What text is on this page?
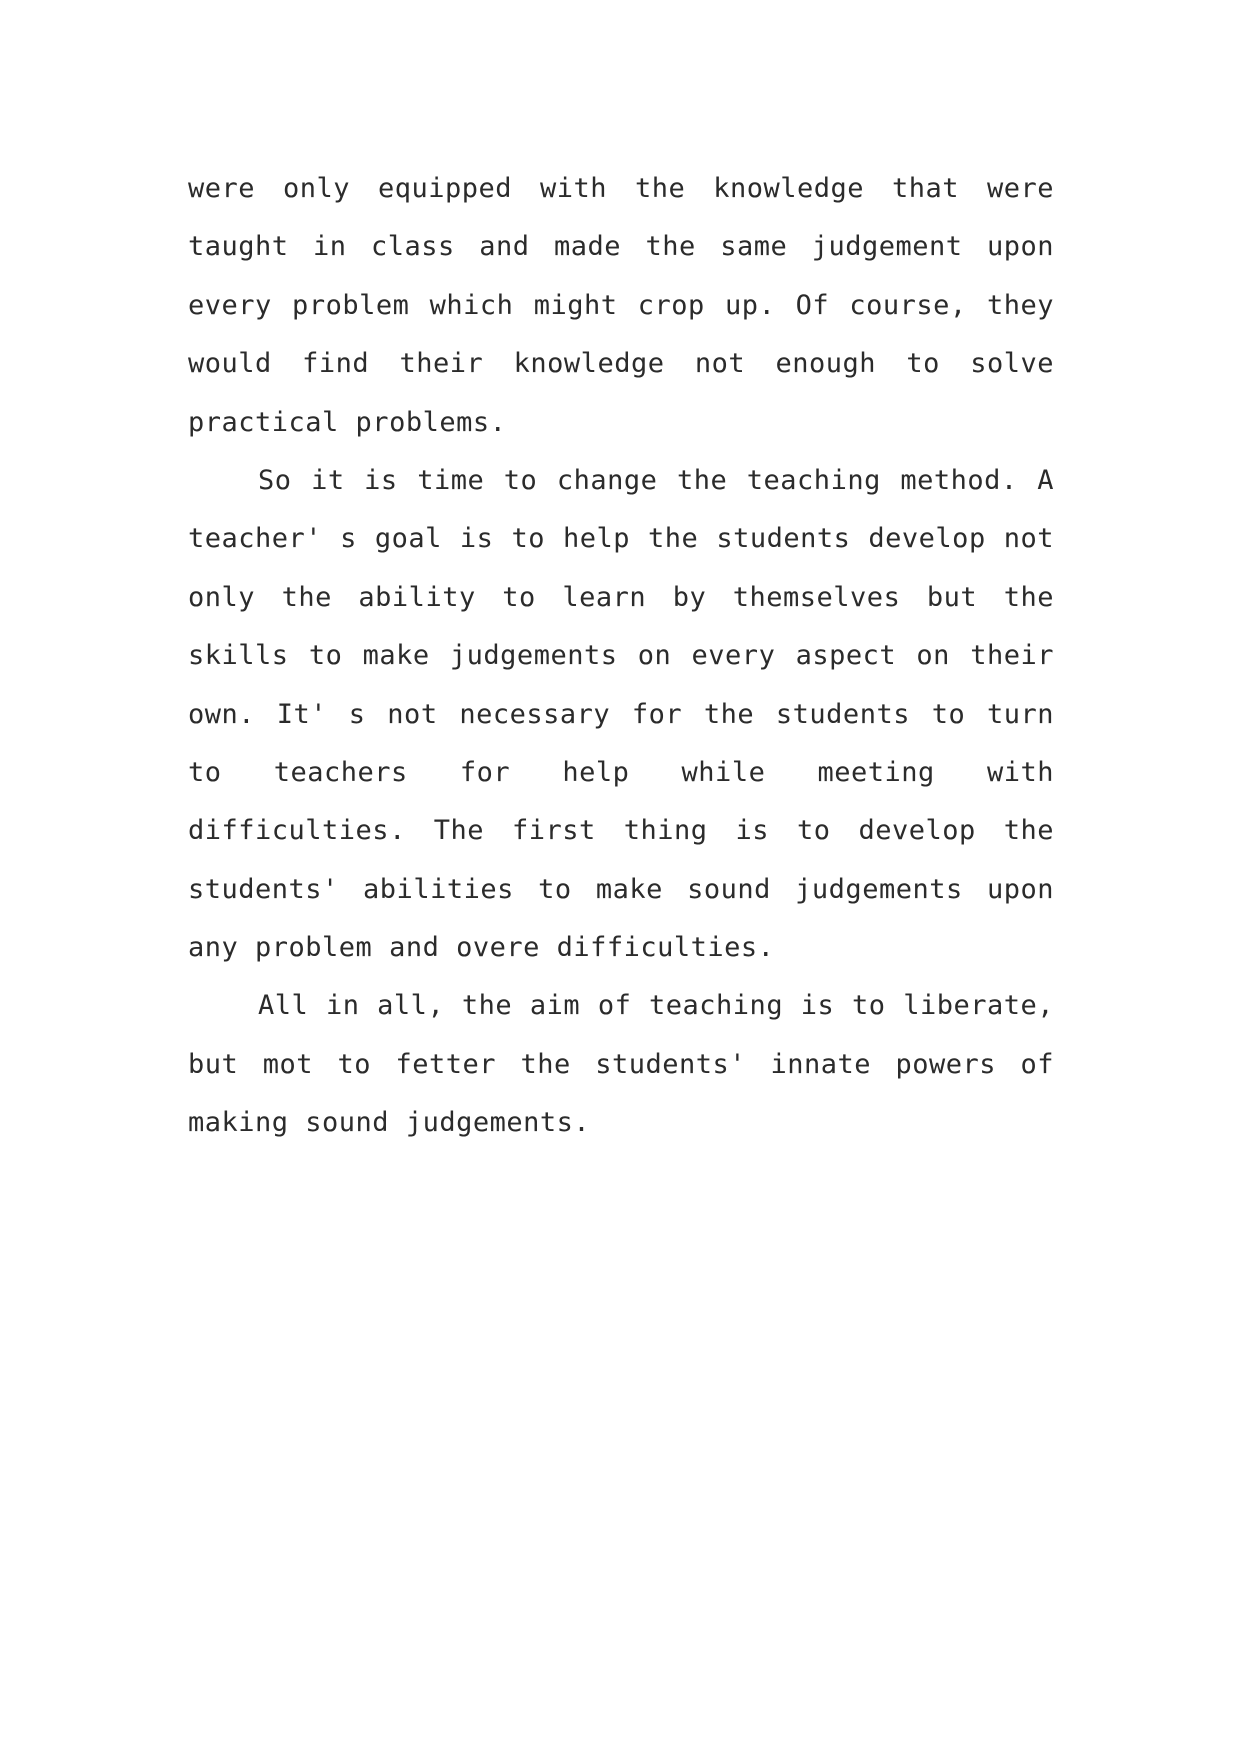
were only equipped with the knowledge that were
taught in class and made the same judgement upon
every problem which might crop up. Of course, they
would find their knowledge not enough to solve
practical problems.
So it is time to change the teaching method. A
teacher' s goal is to help the students develop not
only the ability to learn by themselves but the
skills to make judgements on every aspect on their
own. It' s not necessary for the students to turn
to teachers for help while meeting with
difficulties. The first thing is to develop the
students' abilities to make sound judgements upon
any problem and overe difficulties.
All in all, the aim of teaching is to liberate,
but mot to fetter the students' innate powers of
making sound judgements.
